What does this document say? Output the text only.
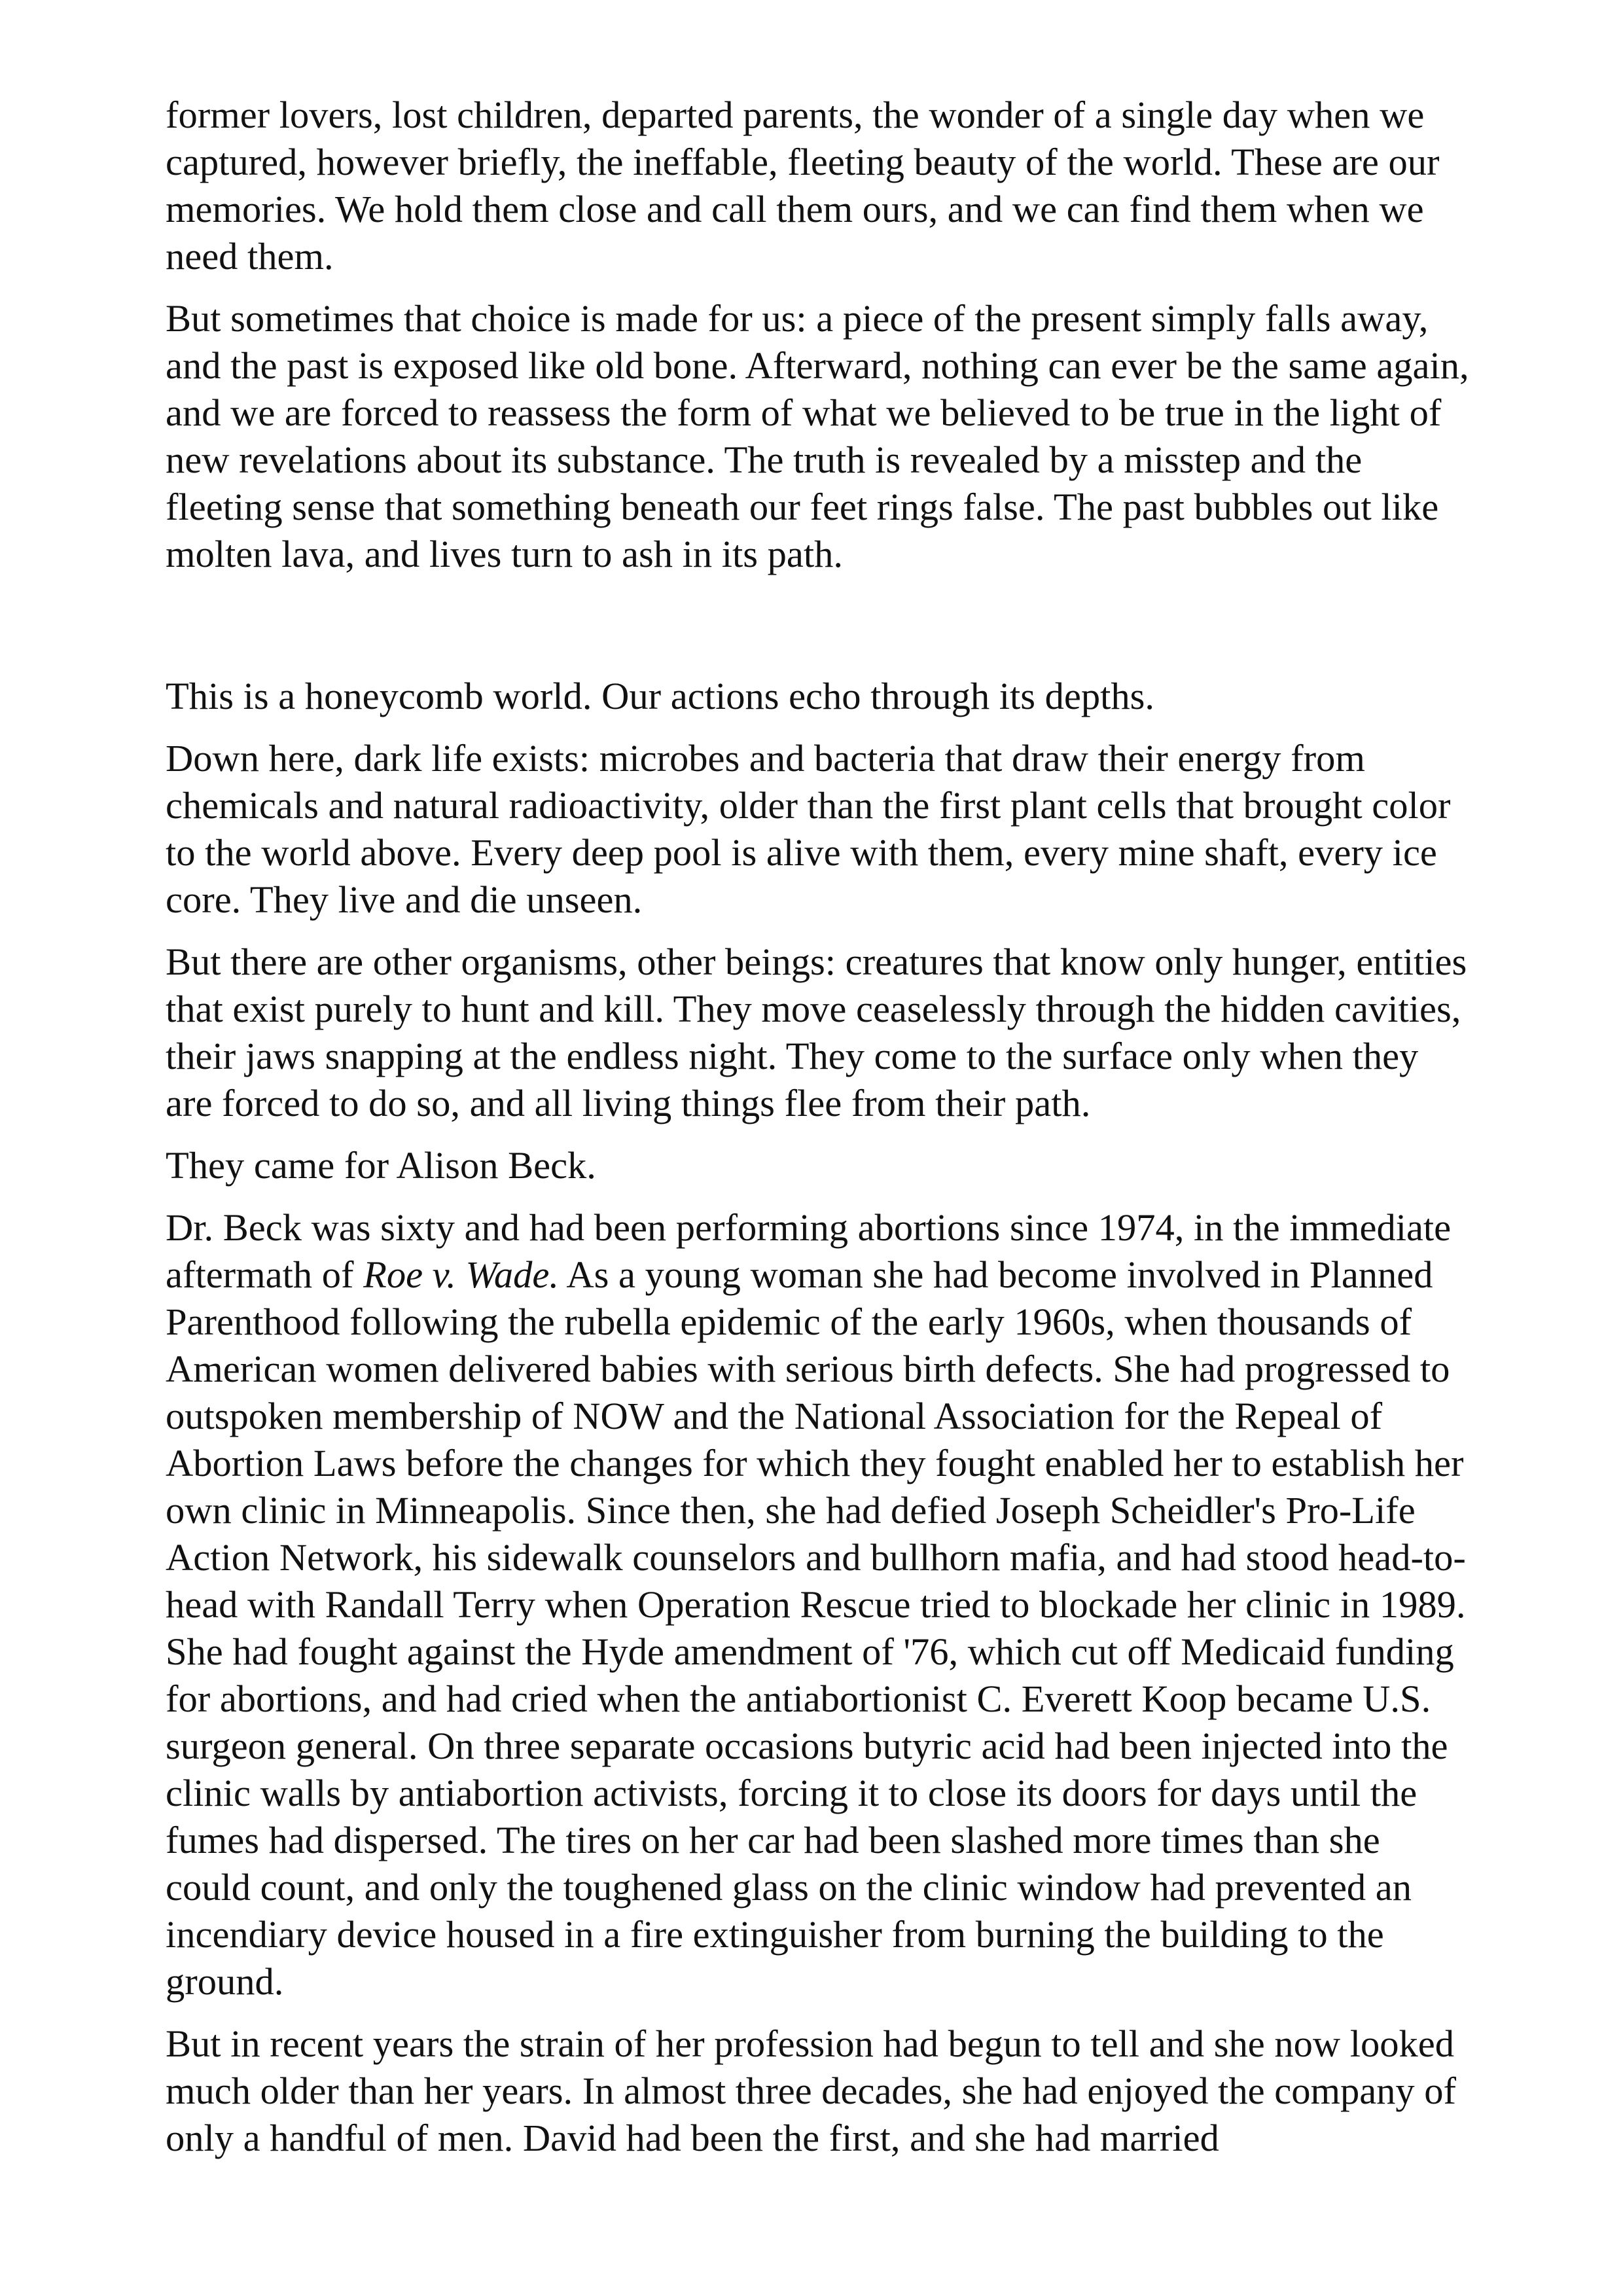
former lovers, lost children, departed parents, the wonder of a single day when we captured, however briefly, the ineffable, fleeting beauty of the world. These are our memories. We hold them close and call them ours, and we can find them when we need them.

But sometimes that choice is made for us: a piece of the present simply falls away, and the past is exposed like old bone. Afterward, nothing can ever be the same again, and we are forced to reassess the form of what we believed to be true in the light of new revelations about its substance. The truth is revealed by a misstep and the fleeting sense that something beneath our feet rings false. The past bubbles out like molten lava, and lives turn to ash in its path.

This is a honeycomb world. Our actions echo through its depths.

Down here, dark life exists: microbes and bacteria that draw their energy from chemicals and natural radioactivity, older than the first plant cells that brought color to the world above. Every deep pool is alive with them, every mine shaft, every ice core. They live and die unseen.

But there are other organisms, other beings: creatures that know only hunger, entities that exist purely to hunt and kill. They move ceaselessly through the hidden cavities, their jaws snapping at the endless night. They come to the surface only when they are forced to do so, and all living things flee from their path.

They came for Alison Beck.

Dr. Beck was sixty and had been performing abortions since 1974, in the immediate aftermath of Roe v. Wade. As a young woman she had become involved in Planned Parenthood following the rubella epidemic of the early 1960s, when thousands of American women delivered babies with serious birth defects. She had progressed to outspoken membership of NOW and the National Association for the Repeal of Abortion Laws before the changes for which they fought enabled her to establish her own clinic in Minneapolis. Since then, she had defied Joseph Scheidler's Pro-Life Action Network, his sidewalk counselors and bullhorn mafia, and had stood head-to-head with Randall Terry when Operation Rescue tried to blockade her clinic in 1989. She had fought against the Hyde amendment of '76, which cut off Medicaid funding for abortions, and had cried when the antiabortionist C. Everett Koop became U.S. surgeon general. On three separate occasions butyric acid had been injected into the clinic walls by antiabortion activists, forcing it to close its doors for days until the fumes had dispersed. The tires on her car had been slashed more times than she could count, and only the toughened glass on the clinic window had prevented an incendiary device housed in a fire extinguisher from burning the building to the ground.

But in recent years the strain of her profession had begun to tell and she now looked much older than her years. In almost three decades, she had enjoyed the company of only a handful of men. David had been the first, and she had married
